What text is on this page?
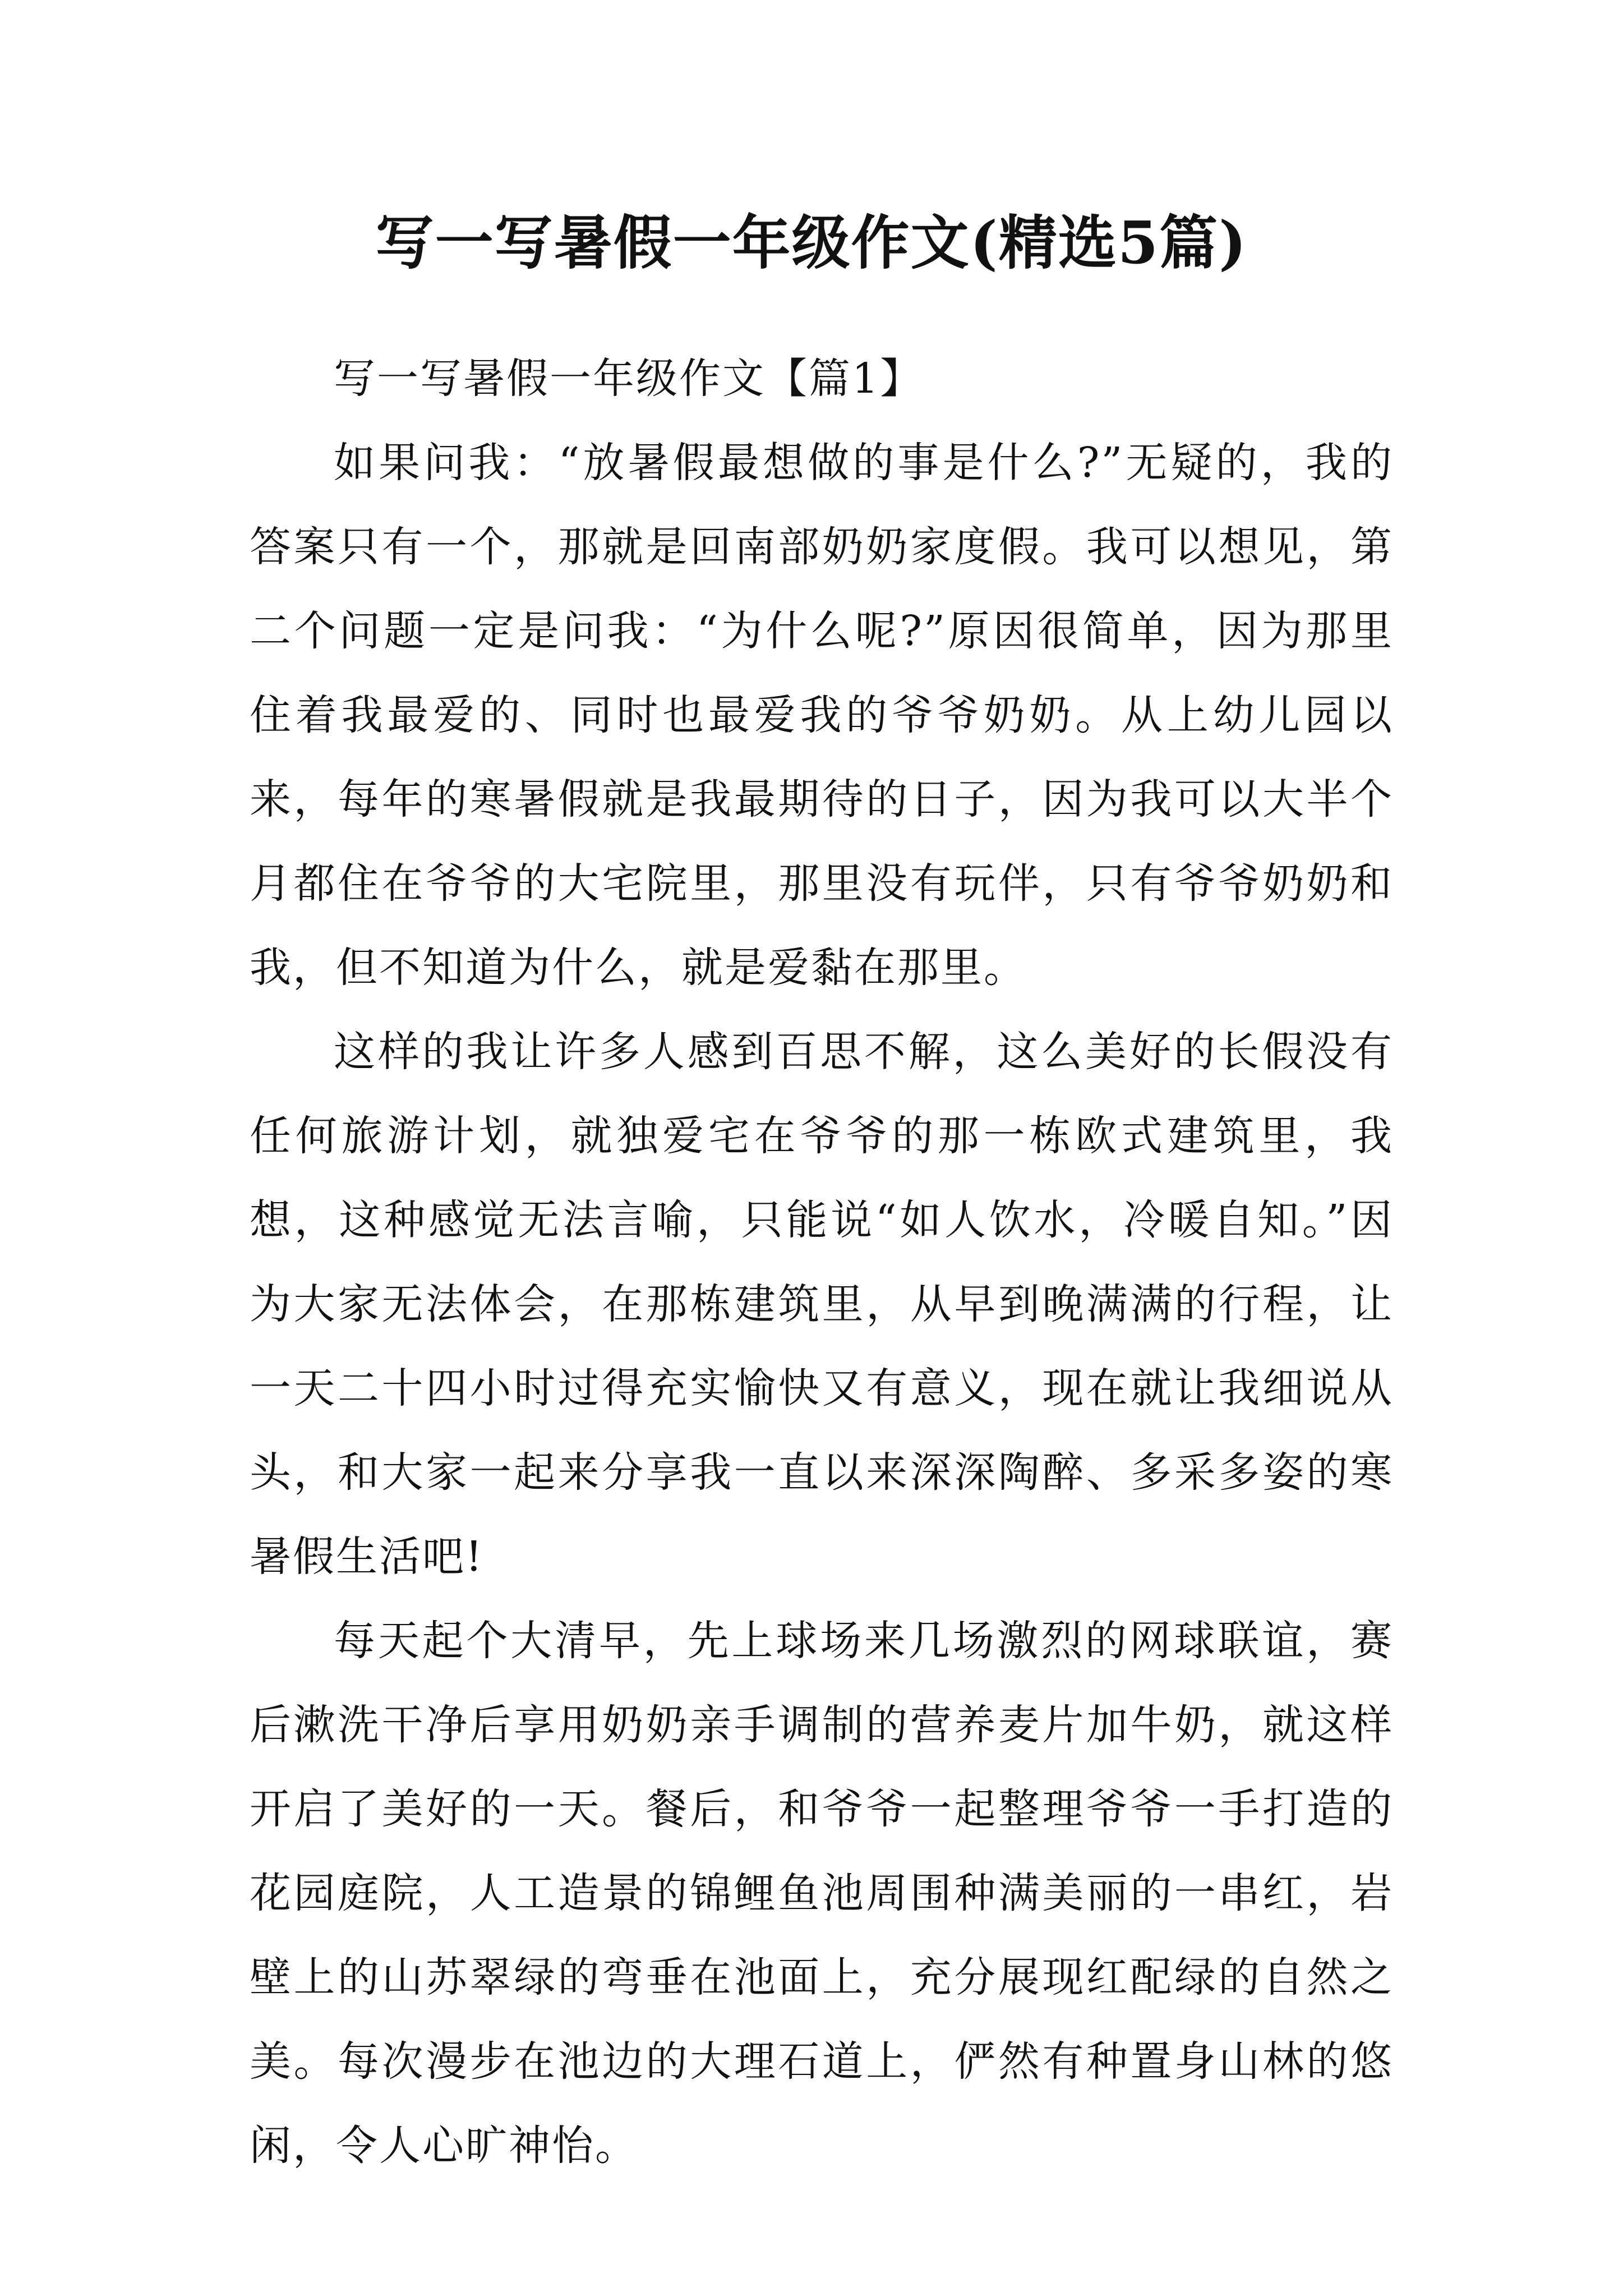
写一写暑假一年级作文(精选5篇)

写一写暑假一年级作文【篇1】

如果问我：“放暑假最想做的事是什么?”无疑的，我的答案只有一个，那就是回南部奶奶家度假。我可以想见，第二个问题一定是问我：“为什么呢?”原因很简单，因为那里住着我最爱的、同时也最爱我的爷爷奶奶。从上幼儿园以来，每年的寒暑假就是我最期待的日子，因为我可以大半个月都住在爷爷的大宅院里，那里没有玩伴，只有爷爷奶奶和我，但不知道为什么，就是爱黏在那里。

这样的我让许多人感到百思不解，这么美好的长假没有任何旅游计划，就独爱宅在爷爷的那一栋欧式建筑里，我想，这种感觉无法言喻，只能说“如人饮水，冷暖自知。”因为大家无法体会，在那栋建筑里，从早到晚满满的行程，让一天二十四小时过得充实愉快又有意义，现在就让我细说从头，和大家一起来分享我一直以来深深陶醉、多采多姿的寒暑假生活吧!

每天起个大清早，先上球场来几场激烈的网球联谊，赛后漱洗干净后享用奶奶亲手调制的营养麦片加牛奶，就这样开启了美好的一天。餐后，和爷爷一起整理爷爷一手打造的花园庭院，人工造景的锦鲤鱼池周围种满美丽的一串红，岩壁上的山苏翠绿的弯垂在池面上，充分展现红配绿的自然之美。每次漫步在池边的大理石道上，俨然有种置身山林的悠闲，令人心旷神怡。
